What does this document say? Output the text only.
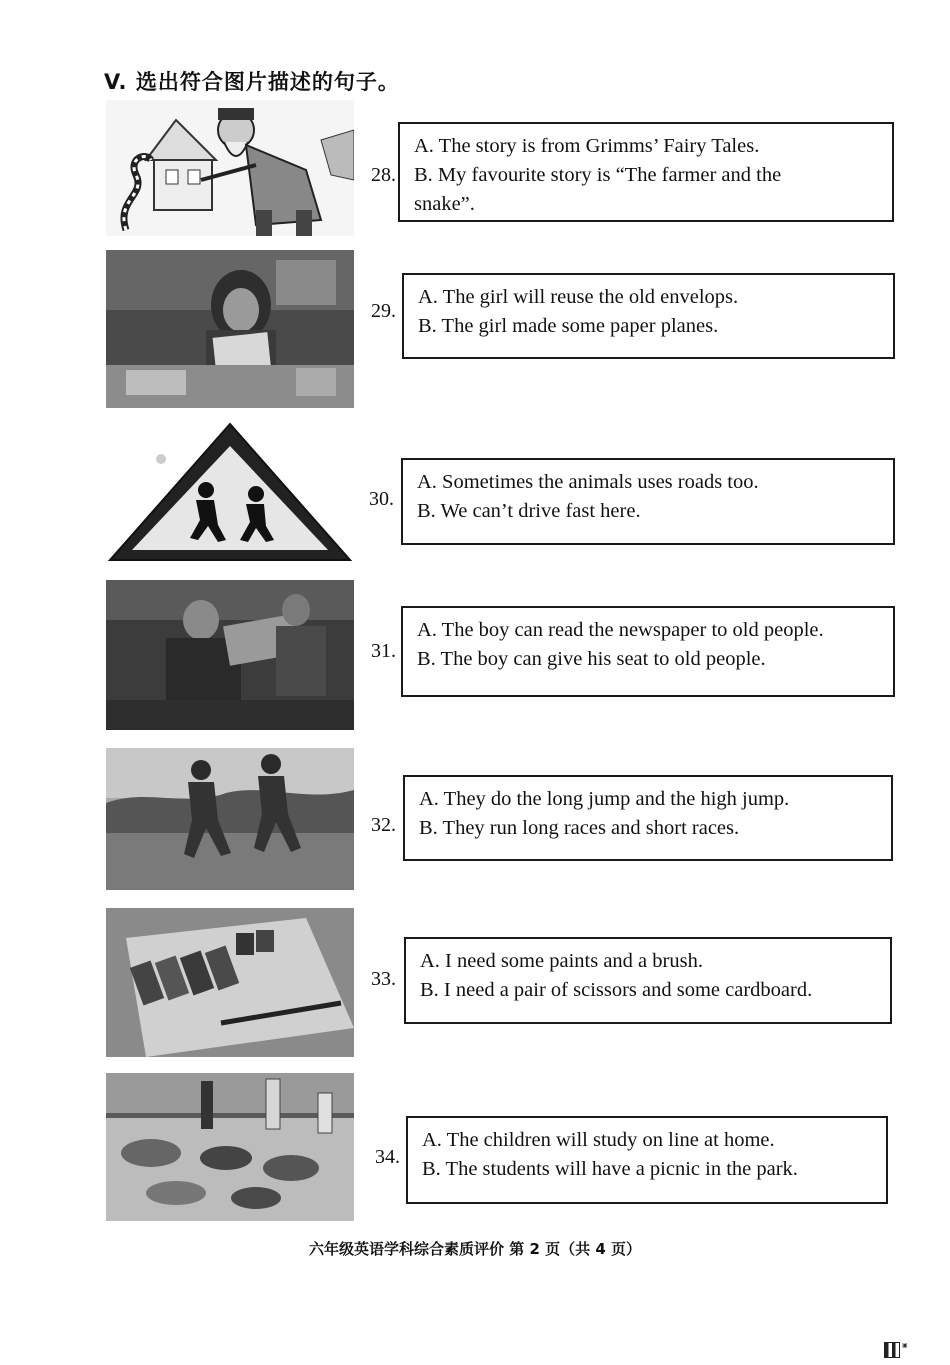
V. 选出符合图片描述的句子。
28.
A. The story is from Grimms’ Fairy Tales.
B. My favourite story is “The farmer and the snake”.
29.
A. The girl will reuse the old envelops.
B. The girl made some paper planes.
30.
A. Sometimes the animals uses roads too.
B. We can’t drive fast here.
31.
A. The boy can read the newspaper to old people.
B. The boy can give his seat to old people.
32.
A. They do the long jump and the high jump.
B. They run long races and short races.
33.
A. I need some paints and a brush.
B. I need a pair of scissors and some cardboard.
34.
A. The children will study on line at home.
B. The students will have a picnic in the park.
六年级英语学科综合素质评价 第 2 页（共 4 页）
▣
